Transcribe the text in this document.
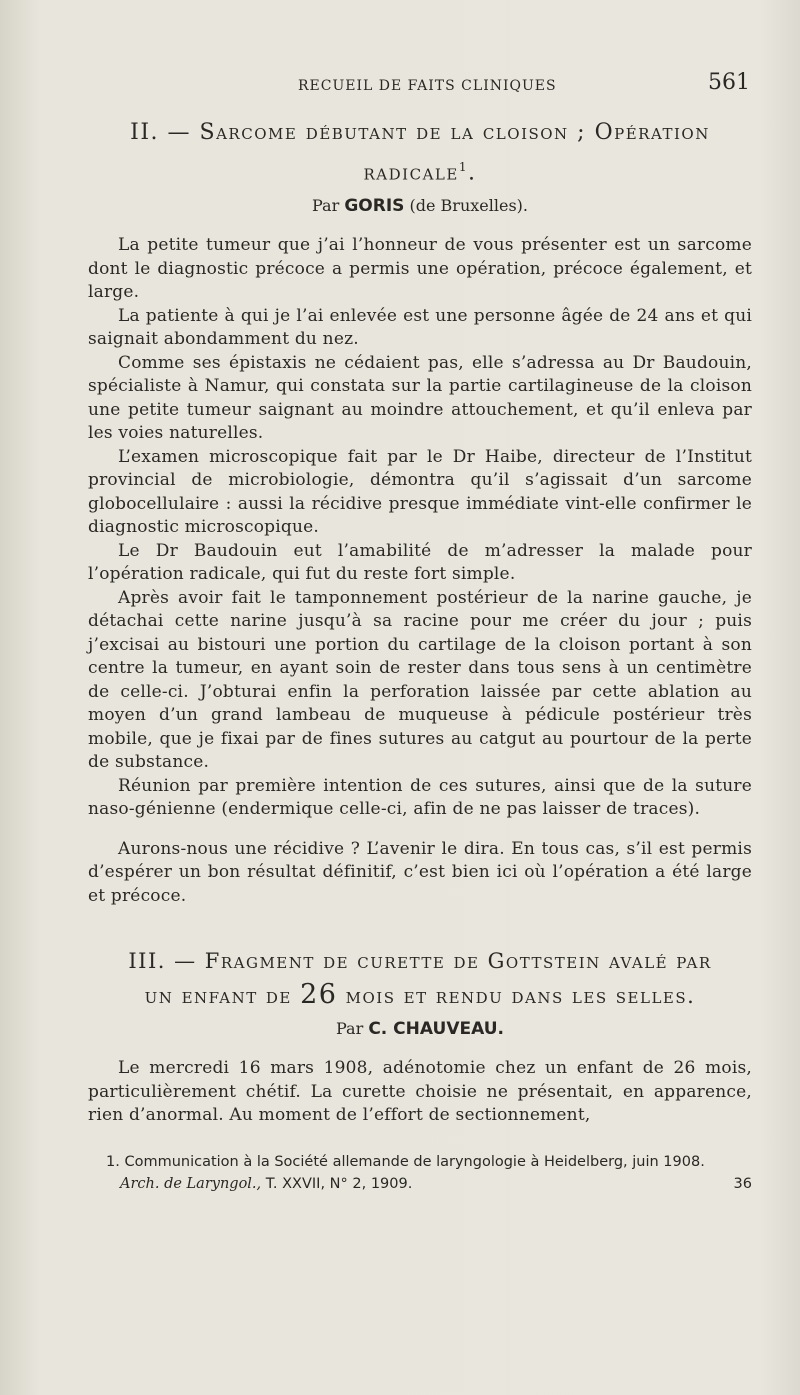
RECUEIL DE FAITS CLINIQUES	561
II. — Sarcome débutant de la cloison ; Opération
radicale$^1$.
Par GORIS (de Bruxelles).

La petite tumeur que j’ai l’honneur de vous présenter est un sarcome dont le diagnostic précoce a permis une opération, précoce également, et large.

La patiente à qui je l’ai enlevée est une personne âgée de 24 ans et qui saignait abondamment du nez.

Comme ses épistaxis ne cédaient pas, elle s’adressa au Dr Baudouin, spécialiste à Namur, qui constata sur la partie cartilagineuse de la cloison une petite tumeur saignant au moindre attouchement, et qu’il enleva par les voies naturelles.

L’examen microscopique fait par le Dr Haibe, directeur de l’Institut provincial de microbiologie, démontra qu’il s’agissait d’un sarcome globocellulaire : aussi la récidive presque immédiate vint-elle confirmer le diagnostic microscopique.

Le Dr Baudouin eut l’amabilité de m’adresser la malade pour l’opération radicale, qui fut du reste fort simple.

Après avoir fait le tamponnement postérieur de la narine gauche, je détachai cette narine jusqu’à sa racine pour me créer du jour ; puis j’excisai au bistouri une portion du cartilage de la cloison portant à son centre la tumeur, en ayant soin de rester dans tous sens à un centimètre de celle-ci. J’obturai enfin la perforation laissée par cette ablation au moyen d’un grand lambeau de muqueuse à pédicule postérieur très mobile, que je fixai par de fines sutures au catgut au pourtour de la perte de substance.

Réunion par première intention de ces sutures, ainsi que de la suture naso-génienne (endermique celle-ci, afin de ne pas laisser de traces).

Aurons-nous une récidive ? L’avenir le dira. En tous cas, s’il est permis d’espérer un bon résultat définitif, c’est bien ici où l’opération a été large et précoce.

III. — Fragment de curette de Gottstein avalé par
un enfant de 26 mois et rendu dans les selles.
Par C. CHAUVEAU.

Le mercredi 16 mars 1908, adénotomie chez un enfant de 26 mois, particulièrement chétif. La curette choisie ne présentait, en apparence, rien d’anormal. Au moment de l’effort de sectionnement,

1. Communication à la Société allemande de laryngologie à Heidelberg, juin 1908.
Arch. de Laryngol., T. XXVII, N° 2, 1909.	36
